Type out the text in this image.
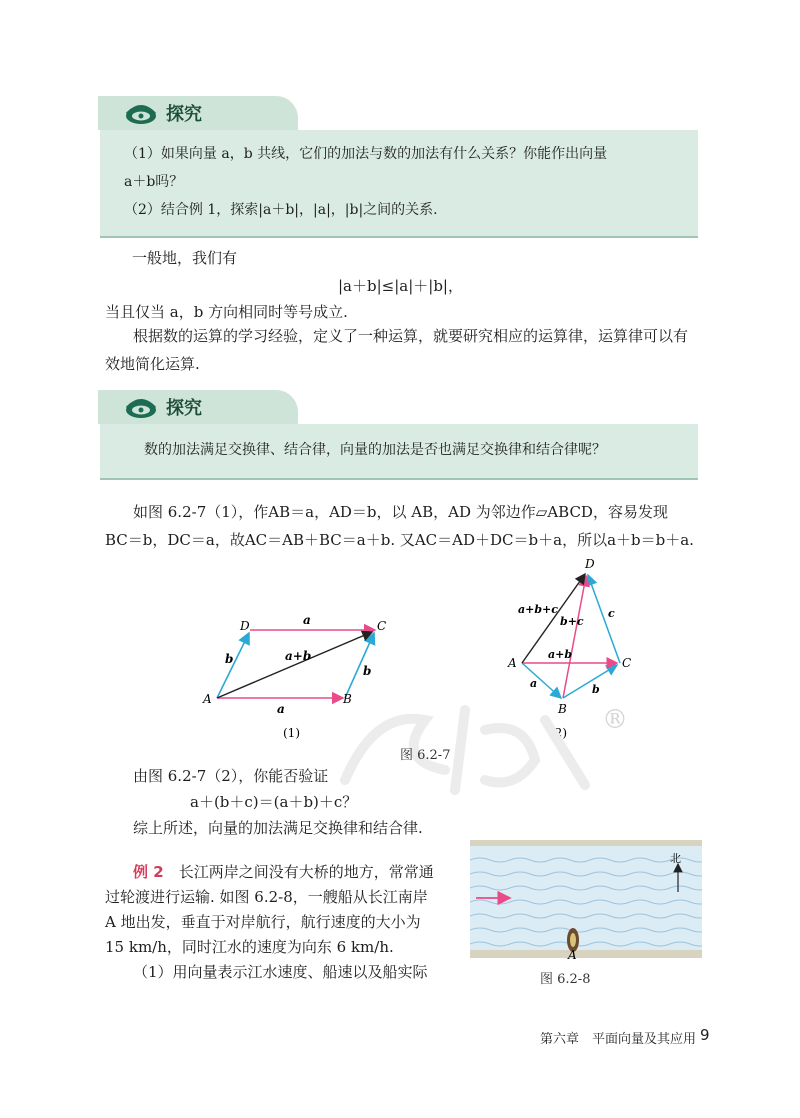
探究

（1）如果向量 a，b 共线，它们的加法与数的加法有什么关系？你能作出向量

a＋b吗？

（2）结合例 1，探索|a＋b|，|a|，|b|之间的关系.

一般地，我们有

|a＋b|≤|a|＋|b|，

当且仅当 a，b 方向相同时等号成立.

根据数的运算的学习经验，定义了一种运算，就要研究相应的运算律，运算律可以有效地简化运算.

探究

数的加法满足交换律、结合律，向量的加法是否也满足交换律和结合律呢？

如图 6.2-7（1），作AB＝a，AD＝b，以 AB，AD 为邻边作▱ABCD，容易发现

BC＝b，DC＝a，故AC＝AB＋BC＝a＋b. 又AC＝AD＋DC＝b＋a，所以a＋b＝b＋a.

A	B
C
D	a
a
b
b
a+b
(1)
D
A	C
B
a+b+c
b+c
a+b
a	b
c
(2) ®
图 6.2-7

由图 6.2-7（2），你能否验证

a＋(b＋c)＝(a＋b)＋c？

综上所述，向量的加法满足交换律和结合律.

例 2　 长江两岸之间没有大桥的地方，常常通
过轮渡进行运输. 如图 6.2-8，一艘船从长江南岸
A 地出发，垂直于对岸航行，航行速度的大小为
15 km/h，同时江水的速度为向东 6 km/h.
（1）用向量表示江水速度、船速以及船实际
北
A
图 6.2-8
第六章　平面向量及其应用 9
